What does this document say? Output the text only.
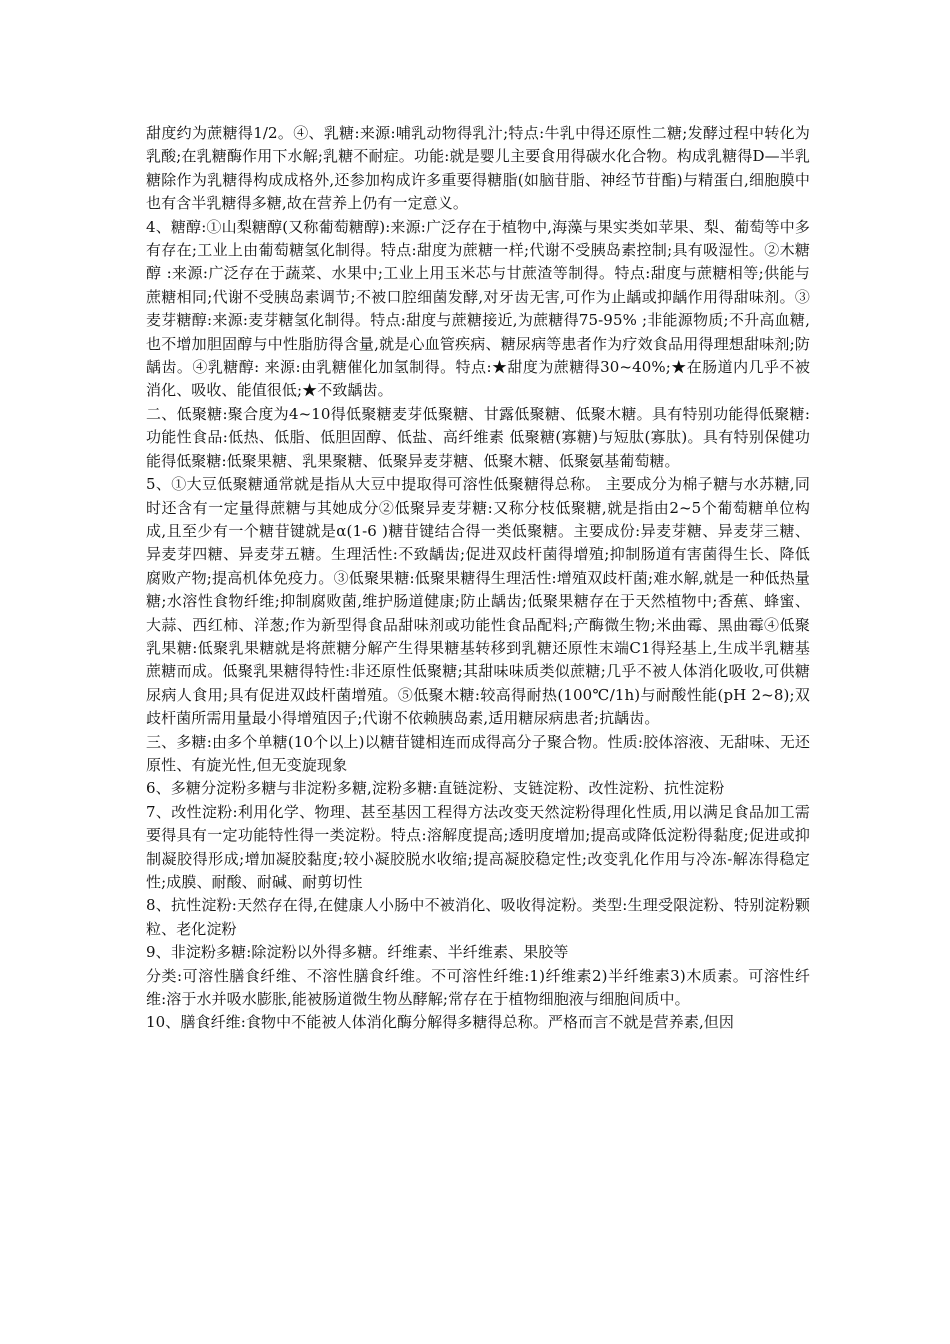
甜度约为蔗糖得1/2。④、乳糖:来源:哺乳动物得乳汁;特点:牛乳中得还原性二糖;发酵过程中转化为乳酸;在乳糖酶作用下水解;乳糖不耐症。功能:就是婴儿主要食用得碳水化合物。构成乳糖得D—半乳糖除作为乳糖得构成成格外,还参加构成许多重要得糖脂(如脑苷脂、神经节苷酯)与精蛋白,细胞膜中也有含半乳糖得多糖,故在营养上仍有一定意义。

4、糖醇:①山梨糖醇(又称葡萄糖醇):来源:广泛存在于植物中,海藻与果实类如苹果、梨、葡萄等中多有存在;工业上由葡萄糖氢化制得。特点:甜度为蔗糖一样;代谢不受胰岛素控制;具有吸湿性。②木糖醇 :来源:广泛存在于蔬菜、水果中;工业上用玉米芯与甘蔗渣等制得。特点:甜度与蔗糖相等;供能与蔗糖相同;代谢不受胰岛素调节;不被口腔细菌发酵,对牙齿无害,可作为止龋或抑龋作用得甜味剂。③麦芽糖醇:来源:麦芽糖氢化制得。特点:甜度与蔗糖接近,为蔗糖得75-95% ;非能源物质;不升高血糖,也不增加胆固醇与中性脂肪得含量,就是心血管疾病、糖尿病等患者作为疗效食品用得理想甜味剂;防龋齿。④乳糖醇: 来源:由乳糖催化加氢制得。特点:★甜度为蔗糖得30~40%;★在肠道内几乎不被消化、吸收、能值很低;★不致龋齿。

二、低聚糖:聚合度为4~10得低聚糖麦芽低聚糖、甘露低聚糖、低聚木糖。具有特别功能得低聚糖:功能性食品:低热、低脂、低胆固醇、低盐、高纤维素 低聚糖(寡糖)与短肽(寡肽)。具有特别保健功能得低聚糖:低聚果糖、乳果聚糖、低聚异麦芽糖、低聚木糖、低聚氨基葡萄糖。

5、①大豆低聚糖通常就是指从大豆中提取得可溶性低聚糖得总称。 主要成分为棉子糖与水苏糖,同时还含有一定量得蔗糖与其她成分②低聚异麦芽糖:又称分枝低聚糖,就是指由2~5个葡萄糖单位构成,且至少有一个糖苷键就是α(1-6 )糖苷键结合得一类低聚糖。主要成份:异麦芽糖、异麦芽三糖、异麦芽四糖、异麦芽五糖。生理活性:不致龋齿;促进双歧杆菌得增殖;抑制肠道有害菌得生长、降低腐败产物;提高机体免疫力。③低聚果糖:低聚果糖得生理活性:增殖双歧杆菌;难水解,就是一种低热量糖;水溶性食物纤维;抑制腐败菌,维护肠道健康;防止龋齿;低聚果糖存在于天然植物中;香蕉、蜂蜜、大蒜、西红柿、洋葱;作为新型得食品甜味剂或功能性食品配料;产酶微生物;米曲霉、黑曲霉④低聚乳果糖:低聚乳果糖就是将蔗糖分解产生得果糖基转移到乳糖还原性末端C1得羟基上,生成半乳糖基蔗糖而成。低聚乳果糖得特性:非还原性低聚糖;其甜味味质类似蔗糖;几乎不被人体消化吸收,可供糖尿病人食用;具有促进双歧杆菌增殖。⑤低聚木糖:较高得耐热(100℃/1h)与耐酸性能(pH 2~8);双歧杆菌所需用量最小得增殖因子;代谢不依赖胰岛素,适用糖尿病患者;抗龋齿。

三、多糖:由多个单糖(10个以上)以糖苷键相连而成得高分子聚合物。性质:胶体溶液、无甜味、无还原性、有旋光性,但无变旋现象

6、多糖分淀粉多糖与非淀粉多糖,淀粉多糖:直链淀粉、支链淀粉、改性淀粉、抗性淀粉

7、改性淀粉:利用化学、物理、甚至基因工程得方法改变天然淀粉得理化性质,用以满足食品加工需要得具有一定功能特性得一类淀粉。特点:溶解度提高;透明度增加;提高或降低淀粉得黏度;促进或抑制凝胶得形成;增加凝胶黏度;较小凝胶脱水收缩;提高凝胶稳定性;改变乳化作用与冷冻-解冻得稳定性;成膜、耐酸、耐碱、耐剪切性

8、抗性淀粉:天然存在得,在健康人小肠中不被消化、吸收得淀粉。类型:生理受限淀粉、特别淀粉颗粒、老化淀粉

9、非淀粉多糖:除淀粉以外得多糖。纤维素、半纤维素、果胶等

分类:可溶性膳食纤维、不溶性膳食纤维。不可溶性纤维:1)纤维素2)半纤维素3)木质素。可溶性纤维:溶于水并吸水膨胀,能被肠道微生物丛酵解;常存在于植物细胞液与细胞间质中。

10、膳食纤维:食物中不能被人体消化酶分解得多糖得总称。严格而言不就是营养素,但因
